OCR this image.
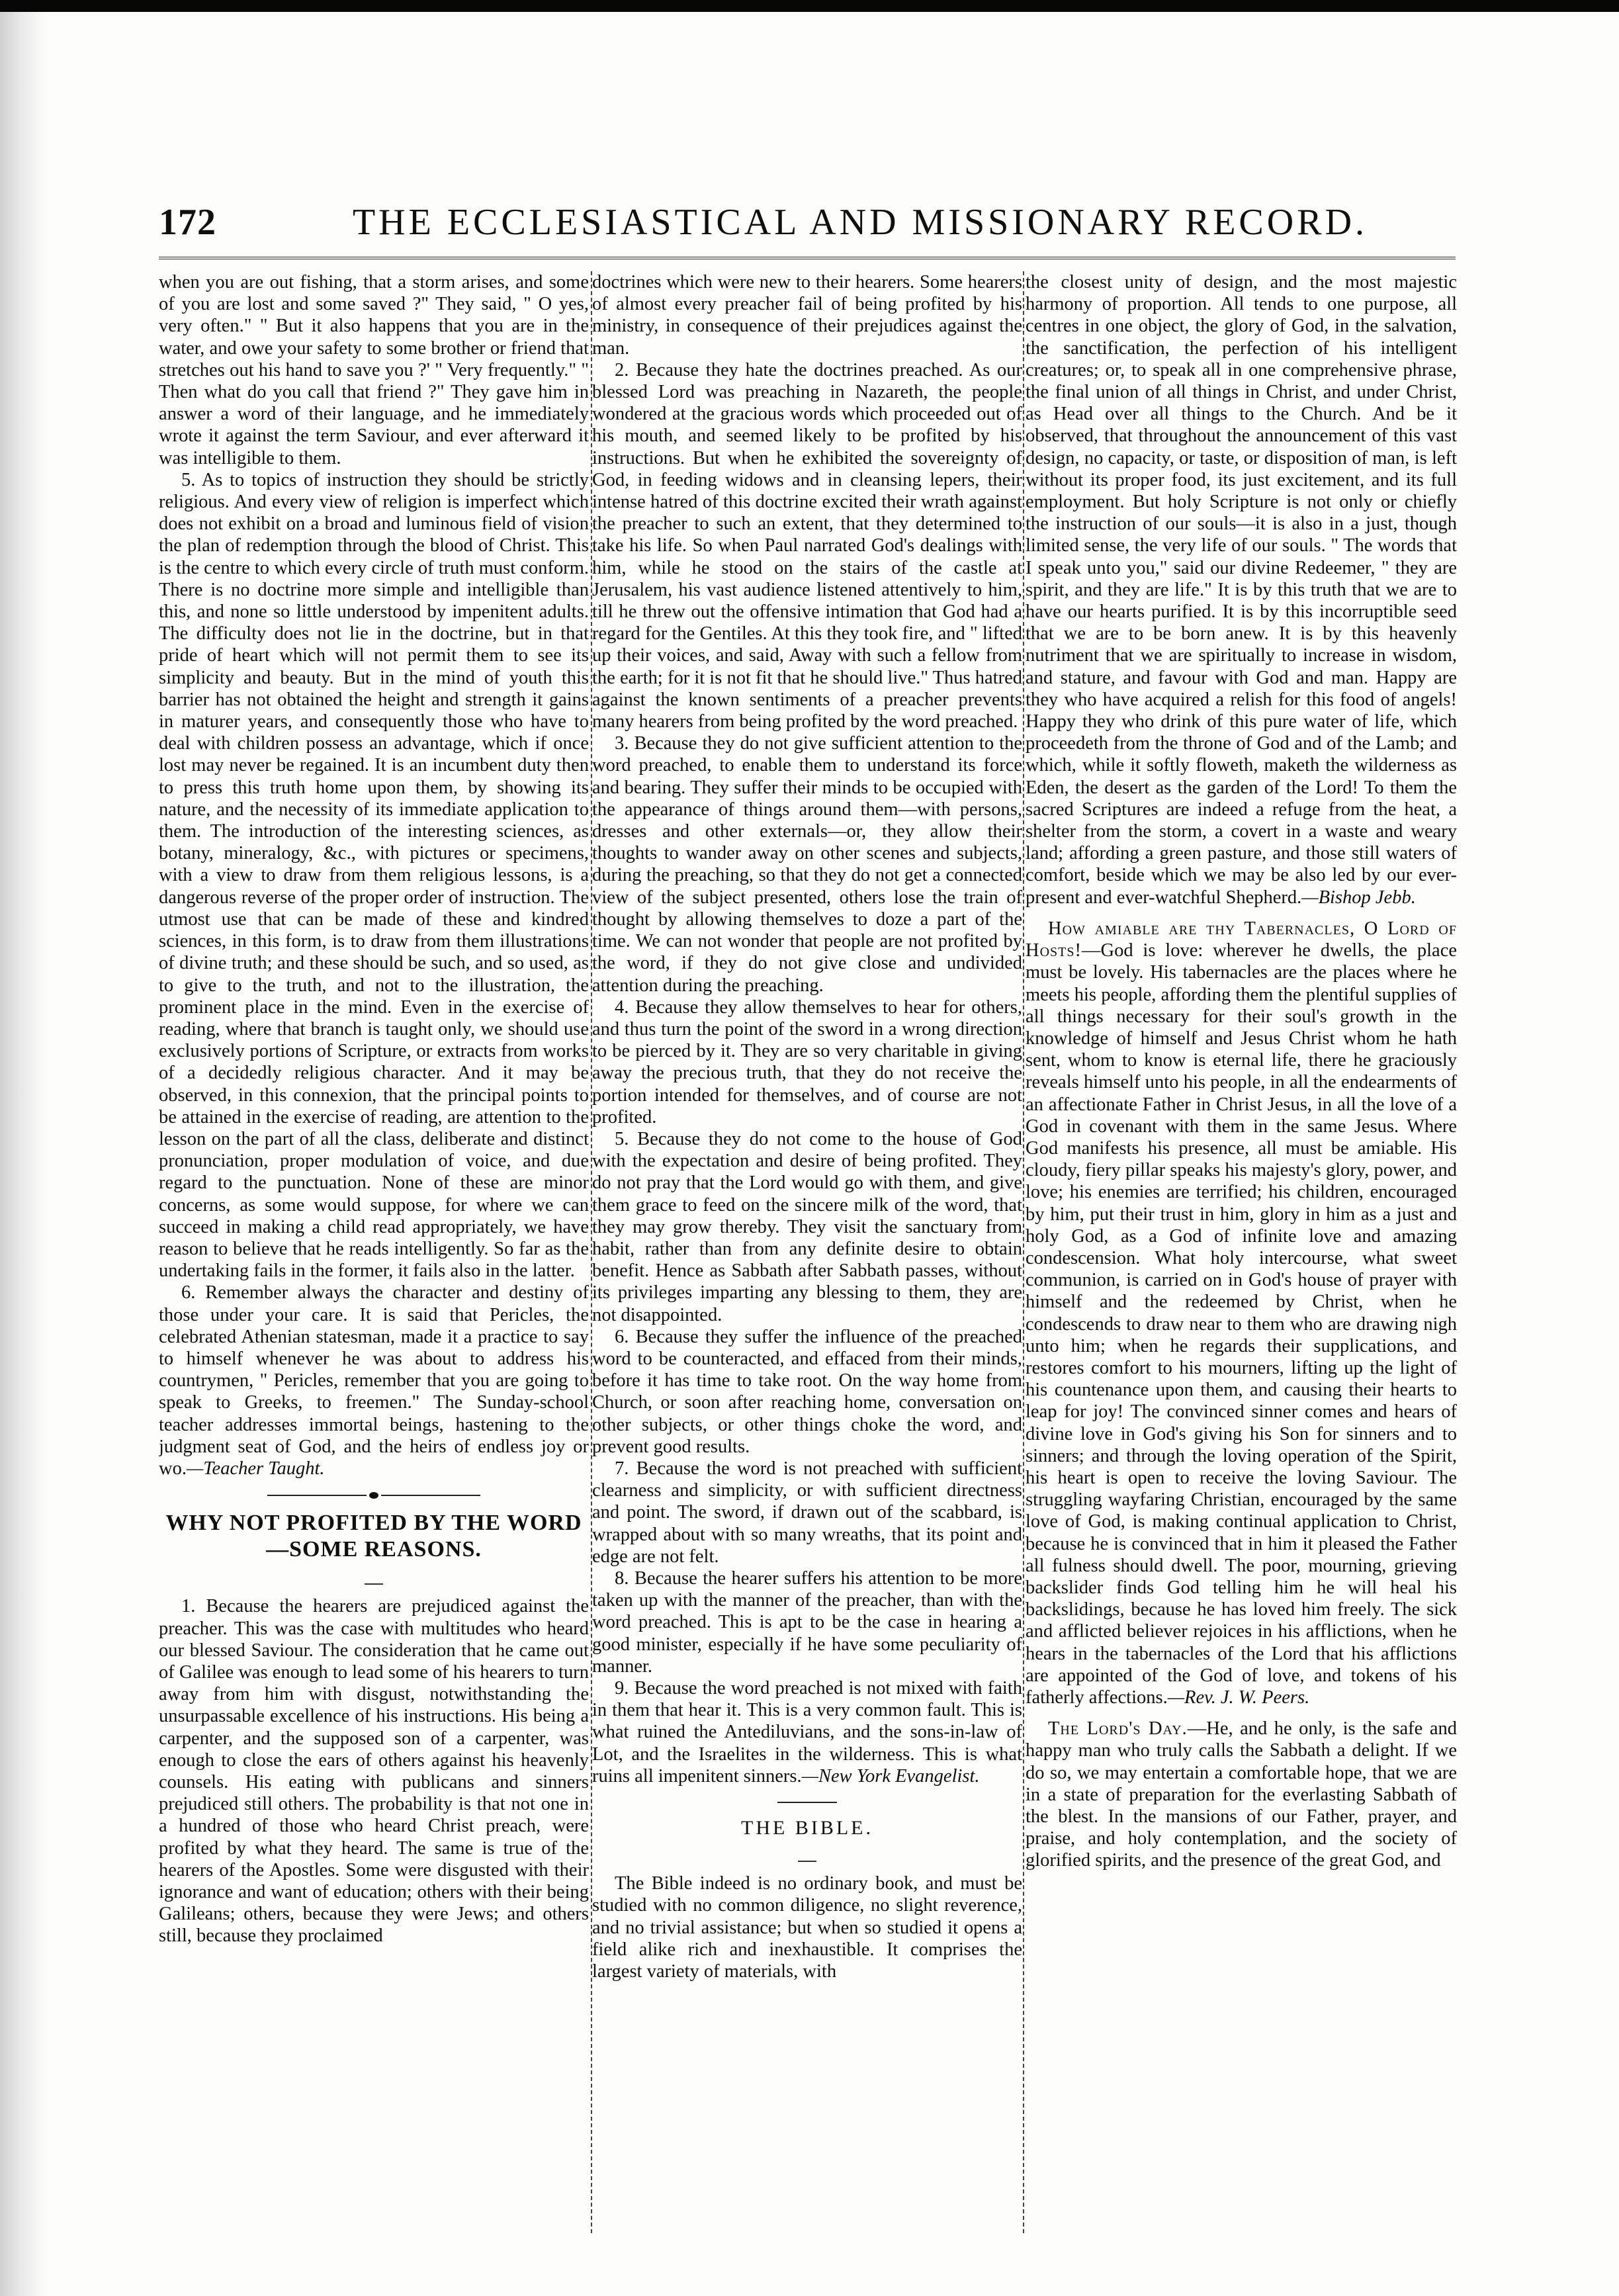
172	THE ECCLESIASTICAL AND MISSIONARY RECORD.

when you are out fishing, that a storm arises, and some of you are lost and some saved ?" They said, " O yes, very often." " But it also happens that you are in the water, and owe your safety to some brother or friend that stretches out his hand to save you ?' " Very frequently." " Then what do you call that friend ?" They gave him in answer a word of their language, and he immediately wrote it against the term Saviour, and ever afterward it was intelligible to them.

5. As to topics of instruction they should be strictly religious. And every view of religion is imperfect which does not exhibit on a broad and luminous field of vision the plan of redemption through the blood of Christ. This is the centre to which every circle of truth must conform. There is no doctrine more simple and intelligible than this, and none so little understood by impenitent adults. The difficulty does not lie in the doctrine, but in that pride of heart which will not permit them to see its simplicity and beauty. But in the mind of youth this barrier has not obtained the height and strength it gains in maturer years, and consequently those who have to deal with children possess an advantage, which if once lost may never be regained. It is an incumbent duty then to press this truth home upon them, by showing its nature, and the necessity of its immediate application to them. The introduction of the interesting sciences, as botany, mineralogy, &c., with pictures or specimens, with a view to draw from them religious lessons, is a dangerous reverse of the proper order of instruction. The utmost use that can be made of these and kindred sciences, in this form, is to draw from them illustrations of divine truth; and these should be such, and so used, as to give to the truth, and not to the illustration, the prominent place in the mind. Even in the exercise of reading, where that branch is taught only, we should use exclusively portions of Scripture, or extracts from works of a decidedly religious character. And it may be observed, in this connexion, that the principal points to be attained in the exercise of reading, are attention to the lesson on the part of all the class, deliberate and distinct pronunciation, proper modulation of voice, and due regard to the punctuation. None of these are minor concerns, as some would suppose, for where we can succeed in making a child read appropriately, we have reason to believe that he reads intelligently. So far as the undertaking fails in the former, it fails also in the latter.

6. Remember always the character and destiny of those under your care. It is said that Pericles, the celebrated Athenian statesman, made it a practice to say to himself whenever he was about to address his countrymen, " Pericles, remember that you are going to speak to Greeks, to freemen." The Sunday-school teacher addresses immortal beings, hastening to the judgment seat of God, and the heirs of endless joy or wo.—Teacher Taught.

WHY NOT PROFITED BY THE WORD —SOME REASONS.

1. Because the hearers are prejudiced against the preacher. This was the case with multitudes who heard our blessed Saviour. The consideration that he came out of Galilee was enough to lead some of his hearers to turn away from him with disgust, notwithstanding the unsurpassable excellence of his instructions. His being a carpenter, and the supposed son of a carpenter, was enough to close the ears of others against his heavenly counsels. His eating with publicans and sinners prejudiced still others. The probability is that not one in a hundred of those who heard Christ preach, were profited by what they heard. The same is true of the hearers of the Apostles. Some were disgusted with their ignorance and want of education; others with their being Galileans; others, because they were Jews; and others still, because they proclaimed

doctrines which were new to their hearers. Some hearers of almost every preacher fail of being profited by his ministry, in consequence of their prejudices against the man.

2. Because they hate the doctrines preached. As our blessed Lord was preaching in Nazareth, the people wondered at the gracious words which proceeded out of his mouth, and seemed likely to be profited by his instructions. But when he exhibited the sovereignty of God, in feeding widows and in cleansing lepers, their intense hatred of this doctrine excited their wrath against the preacher to such an extent, that they determined to take his life. So when Paul narrated God's dealings with him, while he stood on the stairs of the castle at Jerusalem, his vast audience listened attentively to him, till he threw out the offensive intimation that God had a regard for the Gentiles. At this they took fire, and " lifted up their voices, and said, Away with such a fellow from the earth; for it is not fit that he should live." Thus hatred against the known sentiments of a preacher prevents many hearers from being profited by the word preached.

3. Because they do not give sufficient attention to the word preached, to enable them to understand its force and bearing. They suffer their minds to be occupied with the appearance of things around them—with persons, dresses and other externals—or, they allow their thoughts to wander away on other scenes and subjects, during the preaching, so that they do not get a connected view of the subject presented, others lose the train of thought by allowing themselves to doze a part of the time. We can not wonder that people are not profited by the word, if they do not give close and undivided attention during the preaching.

4. Because they allow themselves to hear for others, and thus turn the point of the sword in a wrong direction to be pierced by it. They are so very charitable in giving away the precious truth, that they do not receive the portion intended for themselves, and of course are not profited.

5. Because they do not come to the house of God with the expectation and desire of being profited. They do not pray that the Lord would go with them, and give them grace to feed on the sincere milk of the word, that they may grow thereby. They visit the sanctuary from habit, rather than from any definite desire to obtain benefit. Hence as Sabbath after Sabbath passes, without its privileges imparting any blessing to them, they are not disappointed.

6. Because they suffer the influence of the preached word to be counteracted, and effaced from their minds, before it has time to take root. On the way home from Church, or soon after reaching home, conversation on other subjects, or other things choke the word, and prevent good results.

7. Because the word is not preached with sufficient clearness and simplicity, or with sufficient directness and point. The sword, if drawn out of the scabbard, is wrapped about with so many wreaths, that its point and edge are not felt.

8. Because the hearer suffers his attention to be more taken up with the manner of the preacher, than with the word preached. This is apt to be the case in hearing a good minister, especially if he have some peculiarity of manner.

9. Because the word preached is not mixed with faith in them that hear it. This is a very common fault. This is what ruined the Antediluvians, and the sons-in-law of Lot, and the Israelites in the wilderness. This is what ruins all impenitent sinners.—New York Evangelist.

THE BIBLE.

The Bible indeed is no ordinary book, and must be studied with no common diligence, no slight reverence, and no trivial assistance; but when so studied it opens a field alike rich and inexhaustible. It comprises the largest variety of materials, with

the closest unity of design, and the most majestic harmony of proportion. All tends to one purpose, all centres in one object, the glory of God, in the salvation, the sanctification, the perfection of his intelligent creatures; or, to speak all in one comprehensive phrase, the final union of all things in Christ, and under Christ, as Head over all things to the Church. And be it observed, that throughout the announcement of this vast design, no capacity, or taste, or disposition of man, is left without its proper food, its just excitement, and its full employment. But holy Scripture is not only or chiefly the instruction of our souls—it is also in a just, though limited sense, the very life of our souls. " The words that I speak unto you," said our divine Redeemer, " they are spirit, and they are life." It is by this truth that we are to have our hearts purified. It is by this incorruptible seed that we are to be born anew. It is by this heavenly nutriment that we are spiritually to increase in wisdom, and stature, and favour with God and man. Happy are they who have acquired a relish for this food of angels! Happy they who drink of this pure water of life, which proceedeth from the throne of God and of the Lamb; and which, while it softly floweth, maketh the wilderness as Eden, the desert as the garden of the Lord! To them the sacred Scriptures are indeed a refuge from the heat, a shelter from the storm, a covert in a waste and weary land; affording a green pasture, and those still waters of comfort, beside which we may be also led by our ever-present and ever-watchful Shepherd.—Bishop Jebb.

How amiable are thy Tabernacles, O Lord of Hosts!—God is love: wherever he dwells, the place must be lovely. His tabernacles are the places where he meets his people, affording them the plentiful supplies of all things necessary for their soul's growth in the knowledge of himself and Jesus Christ whom he hath sent, whom to know is eternal life, there he graciously reveals himself unto his people, in all the endearments of an affectionate Father in Christ Jesus, in all the love of a God in covenant with them in the same Jesus. Where God manifests his presence, all must be amiable. His cloudy, fiery pillar speaks his majesty's glory, power, and love; his enemies are terrified; his children, encouraged by him, put their trust in him, glory in him as a just and holy God, as a God of infinite love and amazing condescension. What holy intercourse, what sweet communion, is carried on in God's house of prayer with himself and the redeemed by Christ, when he condescends to draw near to them who are drawing nigh unto him; when he regards their supplications, and restores comfort to his mourners, lifting up the light of his countenance upon them, and causing their hearts to leap for joy! The convinced sinner comes and hears of divine love in God's giving his Son for sinners and to sinners; and through the loving operation of the Spirit, his heart is open to receive the loving Saviour. The struggling wayfaring Christian, encouraged by the same love of God, is making continual application to Christ, because he is convinced that in him it pleased the Father all fulness should dwell. The poor, mourning, grieving backslider finds God telling him he will heal his backslidings, because he has loved him freely. The sick and afflicted believer rejoices in his afflictions, when he hears in the tabernacles of the Lord that his afflictions are appointed of the God of love, and tokens of his fatherly affections.—Rev. J. W. Peers.

The Lord's Day.—He, and he only, is the safe and happy man who truly calls the Sabbath a delight. If we do so, we may entertain a comfortable hope, that we are in a state of preparation for the everlasting Sabbath of the blest. In the mansions of our Father, prayer, and praise, and holy contemplation, and the society of glorified spirits, and the presence of the great God, and
